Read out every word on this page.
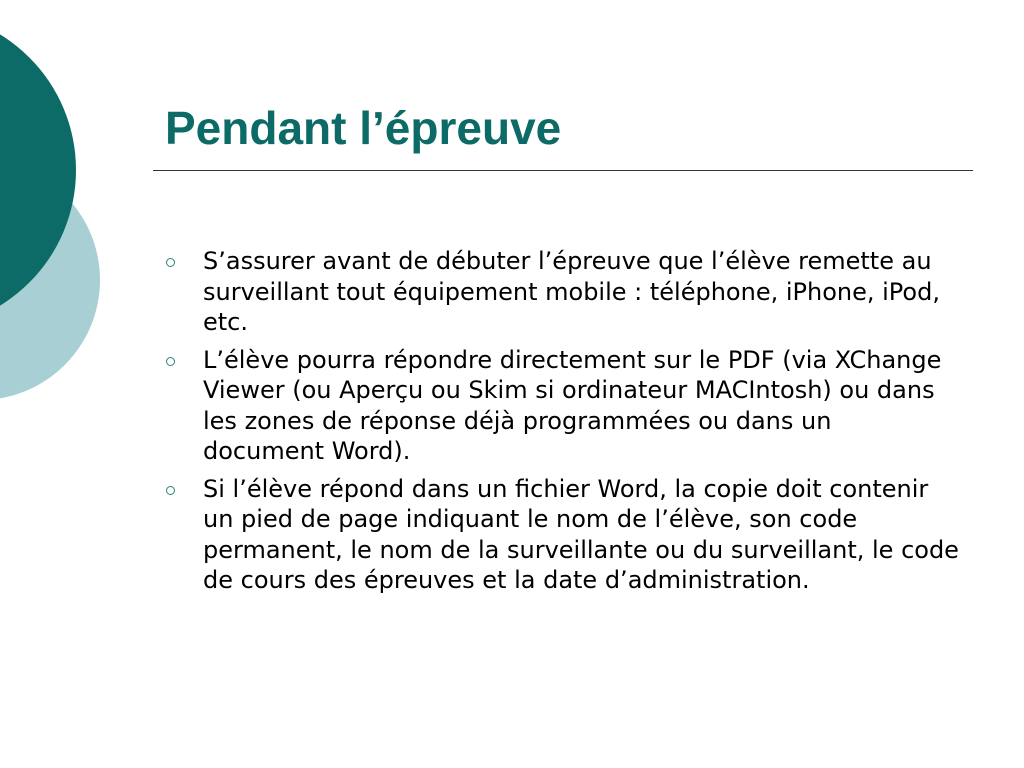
Pendant l’épreuve
S’assurer avant de débuter l’épreuve que l’élève remette au surveillant tout équipement mobile : téléphone, iPhone, iPod, etc.
L’élève pourra répondre directement sur le PDF (via XChange Viewer (ou Aperçu ou Skim si ordinateur MACIntosh) ou dans les zones de réponse déjà programmées ou dans un document Word).
Si l’élève répond dans un fichier Word, la copie doit contenir un pied de page indiquant le nom de l’élève, son code permanent, le nom de la surveillante ou du surveillant, le code de cours des épreuves et la date d’administration.
